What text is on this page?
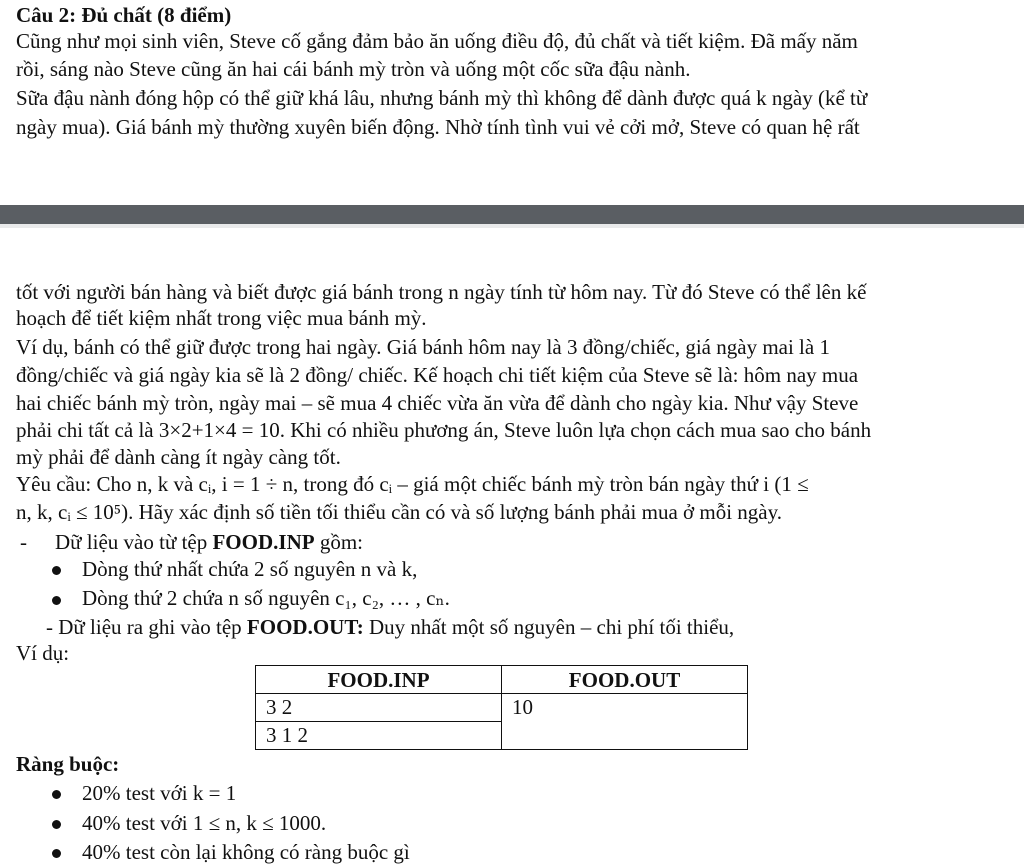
Câu 2: Đủ chất (8 điểm)
Cũng như mọi sinh viên, Steve cố gắng đảm bảo ăn uống điều độ, đủ chất và tiết kiệm. Đã mấy năm
rồi, sáng nào Steve cũng ăn hai cái bánh mỳ tròn và uống một cốc sữa đậu nành.
Sữa đậu nành đóng hộp có thể giữ khá lâu, nhưng bánh mỳ thì không để dành được quá k ngày (kể từ
ngày mua). Giá bánh mỳ thường xuyên biến động. Nhờ tính tình vui vẻ cởi mở, Steve có quan hệ rất
tốt với người bán hàng và biết được giá bánh trong n ngày tính từ hôm nay. Từ đó Steve có thể lên kế
hoạch để tiết kiệm nhất trong việc mua bánh mỳ.
Ví dụ, bánh có thể giữ được trong hai ngày. Giá bánh hôm nay là 3 đồng/chiếc, giá ngày mai là 1
đồng/chiếc và giá ngày kia sẽ là 2 đồng/ chiếc. Kế hoạch chi tiết kiệm của Steve sẽ là: hôm nay mua
hai chiếc bánh mỳ tròn, ngày mai – sẽ mua 4 chiếc vừa ăn vừa để dành cho ngày kia. Như vậy Steve
phải chi tất cả là 3×2+1×4 = 10. Khi có nhiều phương án, Steve luôn lựa chọn cách mua sao cho bánh
mỳ phải để dành càng ít ngày càng tốt.
Yêu cầu: Cho n, k và cᵢ, i = 1 ÷ n, trong đó cᵢ – giá một chiếc bánh mỳ tròn bán ngày thứ i (1 ≤
n, k, cᵢ ≤ 10⁵). Hãy xác định số tiền tối thiểu cần có và số lượng bánh phải mua ở mỗi ngày.
- Dữ liệu vào từ tệp FOOD.INP gồm:
Dòng thứ nhất chứa 2 số nguyên n và k,
Dòng thứ 2 chứa n số nguyên c₁, c₂, … , cₙ.
- Dữ liệu ra ghi vào tệp FOOD.OUT: Duy nhất một số nguyên – chi phí tối thiểu,
Ví dụ:
FOOD.INP	FOOD.OUT
3 2	10
3 1 2	
Ràng buộc:
20% test với k = 1
40% test với 1 ≤ n, k ≤ 1000.
40% test còn lại không có ràng buộc gì
